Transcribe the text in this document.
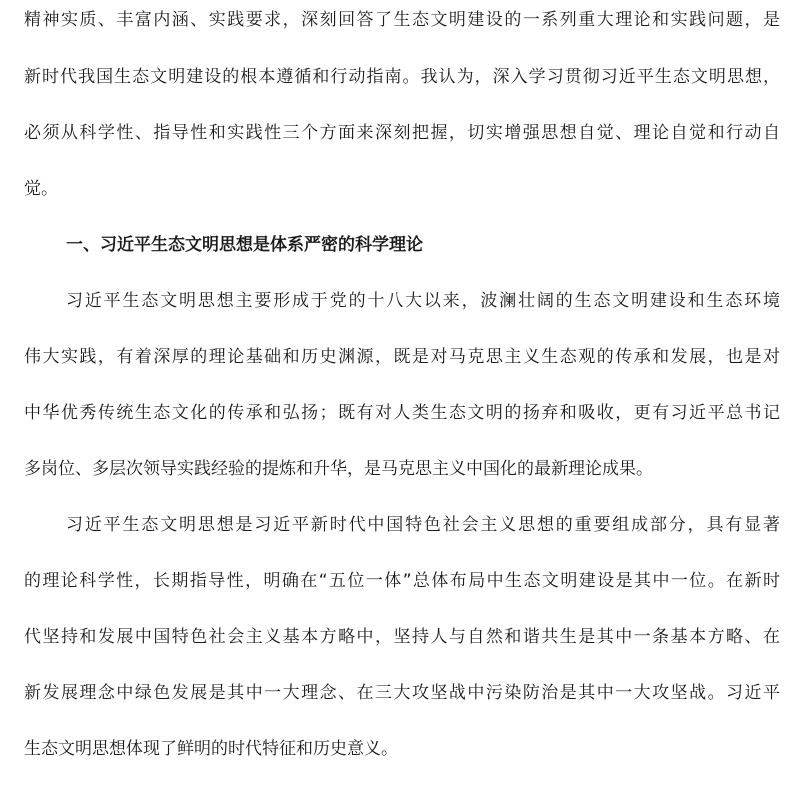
精神实质、丰富内涵、实践要求，深刻回答了生态文明建设的一系列重大理论和实践问题，是
新时代我国生态文明建设的根本遵循和行动指南。我认为，深入学习贯彻习近平生态文明思想，
必须从科学性、指导性和实践性三个方面来深刻把握，切实增强思想自觉、理论自觉和行动自
觉。
一、习近平生态文明思想是体系严密的科学理论
习近平生态文明思想主要形成于党的十八大以来，波澜壮阔的生态文明建设和生态环境
伟大实践，有着深厚的理论基础和历史渊源，既是对马克思主义生态观的传承和发展，也是对
中华优秀传统生态文化的传承和弘扬；既有对人类生态文明的扬弃和吸收，更有习近平总书记
多岗位、多层次领导实践经验的提炼和升华，是马克思主义中国化的最新理论成果。
习近平生态文明思想是习近平新时代中国特色社会主义思想的重要组成部分，具有显著
的理论科学性，长期指导性，明确在“五位一体”总体布局中生态文明建设是其中一位。在新时
代坚持和发展中国特色社会主义基本方略中，坚持人与自然和谐共生是其中一条基本方略、在
新发展理念中绿色发展是其中一大理念、在三大攻坚战中污染防治是其中一大攻坚战。习近平
生态文明思想体现了鲜明的时代特征和历史意义。
